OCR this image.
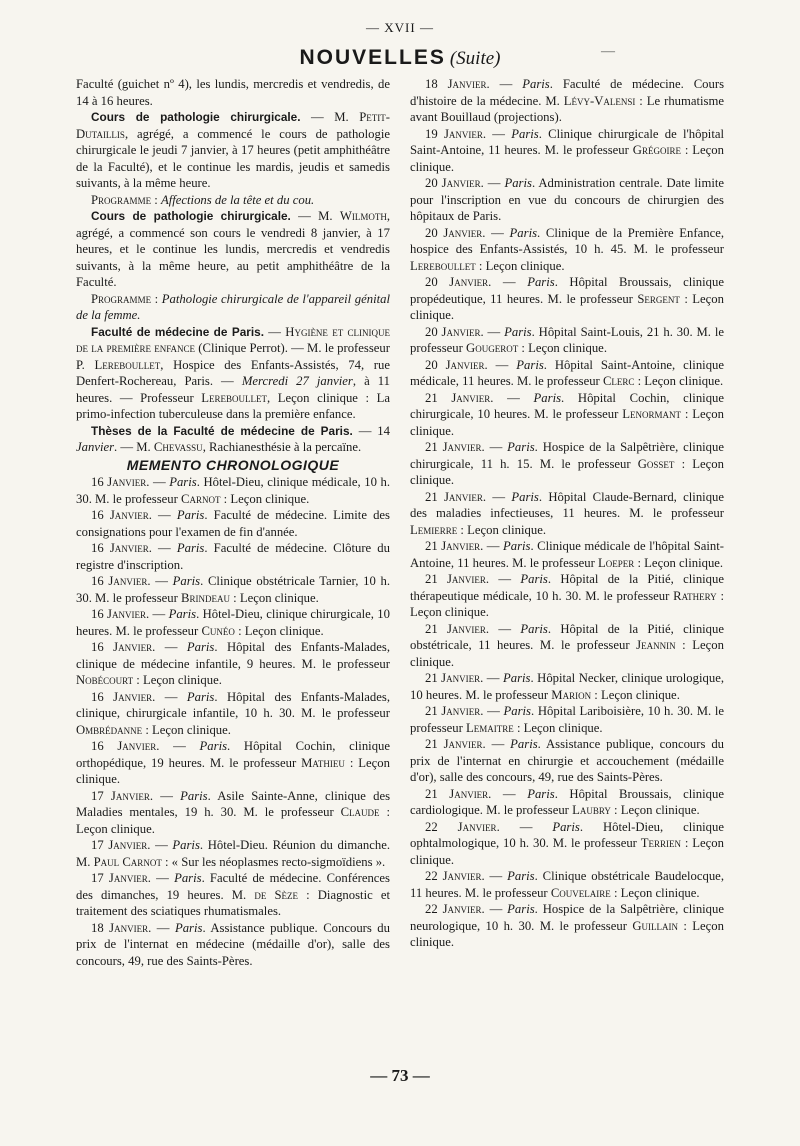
— XVII —
NOUVELLES (Suite)	—

Faculté (guichet nº 4), les lundis, mercredis et vendredis, de 14 à 16 heures.

Cours de pathologie chirurgicale. — M. Petit-Dutaillis, agrégé, a commencé le cours de pathologie chirurgicale le jeudi 7 janvier, à 17 heures (petit amphithéâtre de la Faculté), et le continue les mardis, jeudis et samedis suivants, à la même heure.

Programme : Affections de la tête et du cou.

Cours de pathologie chirurgicale. — M. Wilmoth, agrégé, a commencé son cours le vendredi 8 janvier, à 17 heures, et le continue les lundis, mercredis et vendredis suivants, à la même heure, au petit amphithéâtre de la Faculté.

Programme : Pathologie chirurgicale de l'appareil génital de la femme.

Faculté de médecine de Paris. — Hygiène et clinique de la première enfance (Clinique Perrot). — M. le professeur P. Lereboullet, Hospice des Enfants-Assistés, 74, rue Denfert-Rochereau, Paris. — Mercredi 27 janvier, à 11 heures. — Professeur Lereboullet, Leçon clinique : La primo-infection tuberculeuse dans la première enfance.

Thèses de la Faculté de médecine de Paris. — 14 Janvier. — M. Chevassu, Rachianesthésie à la percaïne.

MEMENTO CHRONOLOGIQUE

16 Janvier. — Paris. Hôtel-Dieu, clinique médicale, 10 h. 30. M. le professeur Carnot : Leçon clinique.

16 Janvier. — Paris. Faculté de médecine. Limite des consignations pour l'examen de fin d'année.

16 Janvier. — Paris. Faculté de médecine. Clôture du registre d'inscription.

16 Janvier. — Paris. Clinique obstétricale Tarnier, 10 h. 30. M. le professeur Brindeau : Leçon clinique.

16 Janvier. — Paris. Hôtel-Dieu, clinique chirurgicale, 10 heures. M. le professeur Cunéo : Leçon clinique.

16 Janvier. — Paris. Hôpital des Enfants-Malades, clinique de médecine infantile, 9 heures. M. le professeur Nobécourt : Leçon clinique.

16 Janvier. — Paris. Hôpital des Enfants-Malades, clinique, chirurgicale infantile, 10 h. 30. M. le professeur Ombrédanne : Leçon clinique.

16 Janvier. — Paris. Hôpital Cochin, clinique orthopédique, 19 heures. M. le professeur Mathieu : Leçon clinique.

17 Janvier. — Paris. Asile Sainte-Anne, clinique des Maladies mentales, 19 h. 30. M. le professeur Claude : Leçon clinique.

17 Janvier. — Paris. Hôtel-Dieu. Réunion du dimanche. M. Paul Carnot : « Sur les néoplasmes recto-sigmoïdiens ».

17 Janvier. — Paris. Faculté de médecine. Conférences des dimanches, 19 heures. M. de Sèze : Diagnostic et traitement des sciatiques rhumatismales.

18 Janvier. — Paris. Assistance publique. Concours du prix de l'internat en médecine (médaille d'or), salle des concours, 49, rue des Saints-Pères.

18 Janvier. — Paris. Faculté de médecine. Cours d'histoire de la médecine. M. Lévy-Valensi : Le rhumatisme avant Bouillaud (projections).

19 Janvier. — Paris. Clinique chirurgicale de l'hôpital Saint-Antoine, 11 heures. M. le professeur Grégoire : Leçon clinique.

20 Janvier. — Paris. Administration centrale. Date limite pour l'inscription en vue du concours de chirurgien des hôpitaux de Paris.

20 Janvier. — Paris. Clinique de la Première Enfance, hospice des Enfants-Assistés, 10 h. 45. M. le professeur Lereboullet : Leçon clinique.

20 Janvier. — Paris. Hôpital Broussais, clinique propédeutique, 11 heures. M. le professeur Sergent : Leçon clinique.

20 Janvier. — Paris. Hôpital Saint-Louis, 21 h. 30. M. le professeur Gougerot : Leçon clinique.

20 Janvier. — Paris. Hôpital Saint-Antoine, clinique médicale, 11 heures. M. le professeur Clerc : Leçon clinique.

21 Janvier. — Paris. Hôpital Cochin, clinique chirurgicale, 10 heures. M. le professeur Lenormant : Leçon clinique.

21 Janvier. — Paris. Hospice de la Salpêtrière, clinique chirurgicale, 11 h. 15. M. le professeur Gosset : Leçon clinique.

21 Janvier. — Paris. Hôpital Claude-Bernard, clinique des maladies infectieuses, 11 heures. M. le professeur Lemierre : Leçon clinique.

21 Janvier. — Paris. Clinique médicale de l'hôpital Saint-Antoine, 11 heures. M. le professeur Loeper : Leçon clinique.

21 Janvier. — Paris. Hôpital de la Pitié, clinique thérapeutique médicale, 10 h. 30. M. le professeur Rathery : Leçon clinique.

21 Janvier. — Paris. Hôpital de la Pitié, clinique obstétricale, 11 heures. M. le professeur Jeannin : Leçon clinique.

21 Janvier. — Paris. Hôpital Necker, clinique urologique, 10 heures. M. le professeur Marion : Leçon clinique.

21 Janvier. — Paris. Hôpital Lariboisière, 10 h. 30. M. le professeur Lemaitre : Leçon clinique.

21 Janvier. — Paris. Assistance publique, concours du prix de l'internat en chirurgie et accouchement (médaille d'or), salle des concours, 49, rue des Saints-Pères.

21 Janvier. — Paris. Hôpital Broussais, clinique cardiologique. M. le professeur Laubry : Leçon clinique.

22 Janvier. — Paris. Hôtel-Dieu, clinique ophtalmologique, 10 h. 30. M. le professeur Terrien : Leçon clinique.

22 Janvier. — Paris. Clinique obstétricale Baudelocque, 11 heures. M. le professeur Couvelaire : Leçon clinique.

22 Janvier. — Paris. Hospice de la Salpêtrière, clinique neurologique, 10 h. 30. M. le professeur Guillain : Leçon clinique.

— 73 —
